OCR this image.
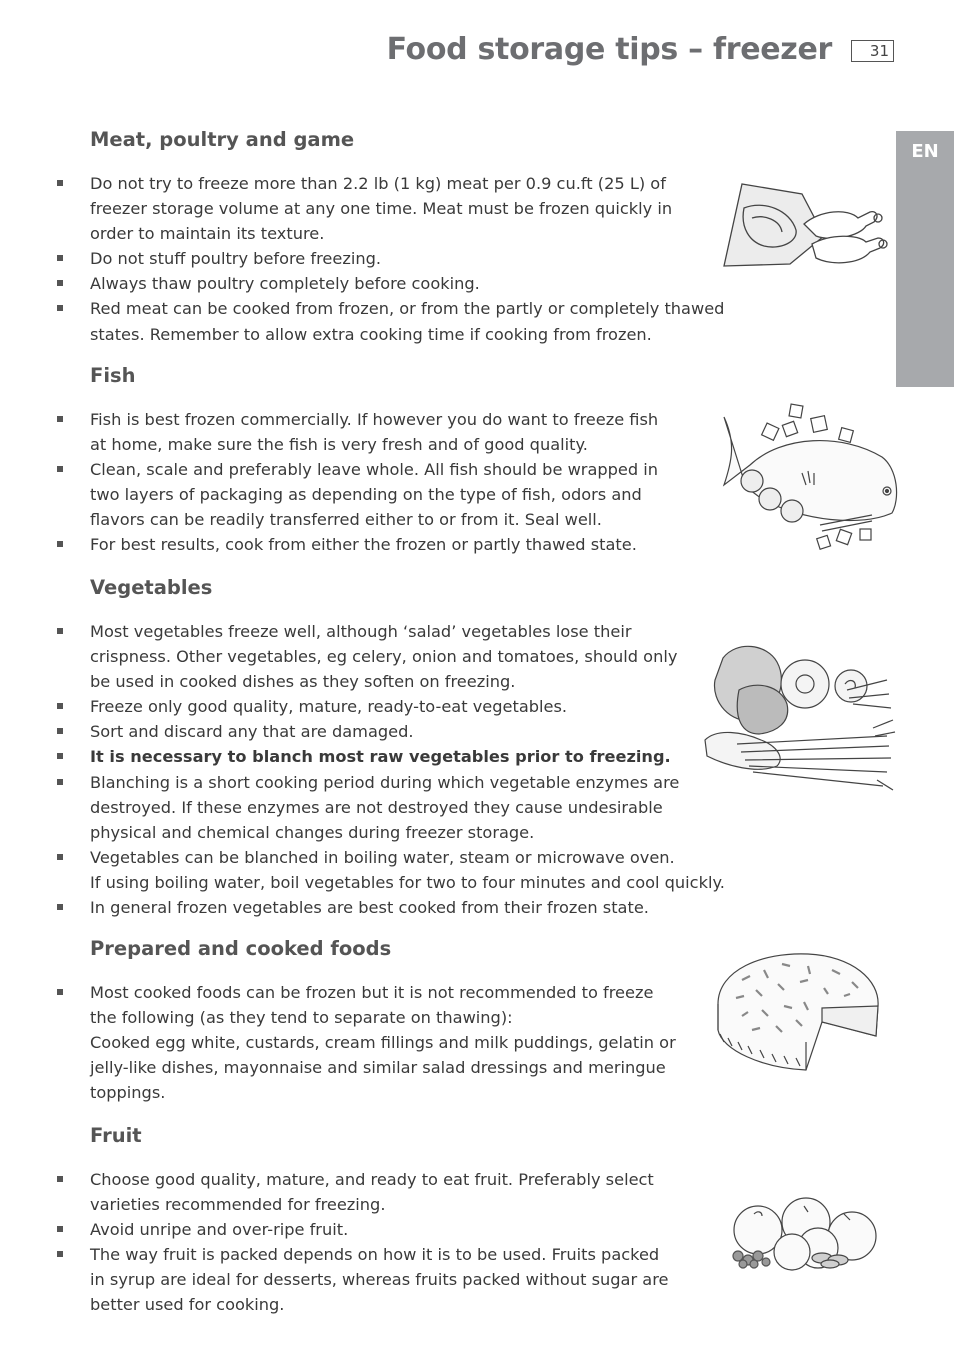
Food storage tips – freezer	31
EN
Meat, poultry and game
Do not try to freeze more than 2.2 lb (1 kg) meat per 0.9 cu.ft (25 L) of
freezer storage volume at any one time. Meat must be frozen quickly in
order to maintain its texture.
Do not stuff poultry before freezing.
Always thaw poultry completely before cooking.
Red meat can be cooked from frozen, or from the partly or completely thawed
states. Remember to allow extra cooking time if cooking from frozen.
Fish
Fish is best frozen commercially. If however you do want to freeze fish
at home, make sure the fish is very fresh and of good quality.
Clean, scale and preferably leave whole. All fish should be wrapped in
two layers of packaging as depending on the type of fish, odors and
flavors can be readily transferred either to or from it. Seal well.
For best results, cook from either the frozen or partly thawed state.
Vegetables
Most vegetables freeze well, although ‘salad’ vegetables lose their
crispness. Other vegetables, eg celery, onion and tomatoes, should only
be used in cooked dishes as they soften on freezing.
Freeze only good quality, mature, ready-to-eat vegetables.
Sort and discard any that are damaged.
It is necessary to blanch most raw vegetables prior to freezing.
Blanching is a short cooking period during which vegetable enzymes are
destroyed. If these enzymes are not destroyed they cause undesirable
physical and chemical changes during freezer storage.
Vegetables can be blanched in boiling water, steam or microwave oven.
If using boiling water, boil vegetables for two to four minutes and cool quickly.
In general frozen vegetables are best cooked from their frozen state.
Prepared and cooked foods
Most cooked foods can be frozen but it is not recommended to freeze
the following (as they tend to separate on thawing):
Cooked egg white, custards, cream fillings and milk puddings, gelatin or
jelly-like dishes, mayonnaise and similar salad dressings and meringue
toppings.
Fruit
Choose good quality, mature, and ready to eat fruit. Preferably select
varieties recommended for freezing.
Avoid unripe and over-ripe fruit.
The way fruit is packed depends on how it is to be used. Fruits packed
in syrup are ideal for desserts, whereas fruits packed without sugar are
better used for cooking.
